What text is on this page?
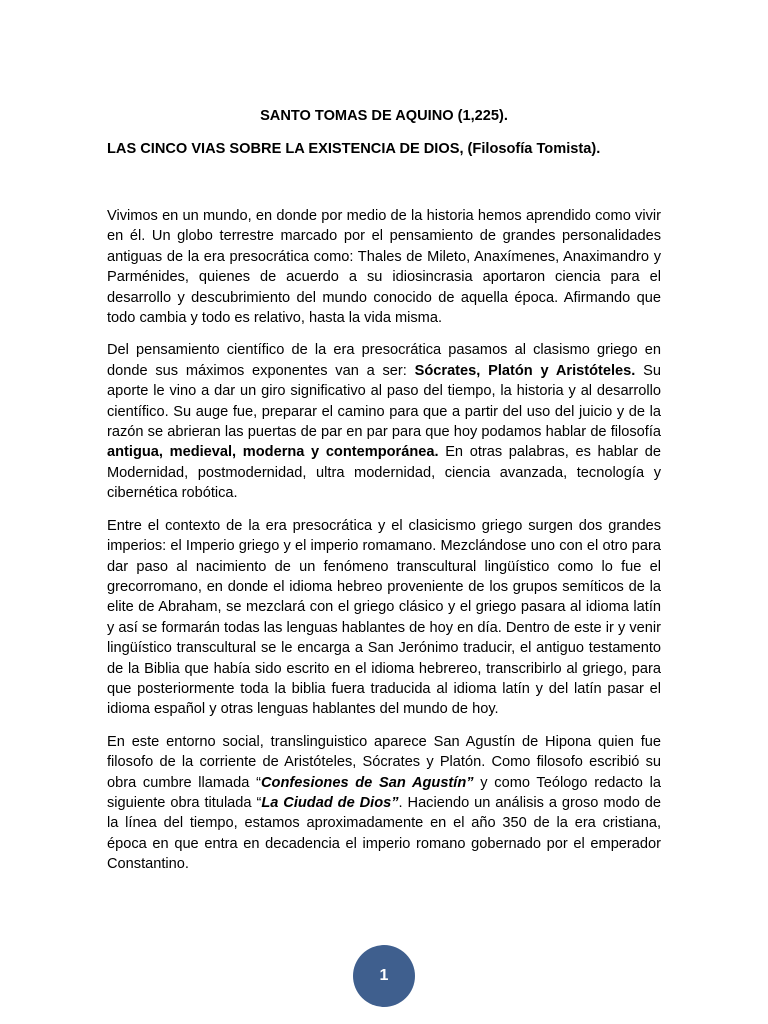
SANTO TOMAS DE AQUINO (1,225).
LAS CINCO VIAS SOBRE LA EXISTENCIA DE DIOS, (Filosofía Tomista).

Vivimos en un mundo, en donde por medio de la historia hemos aprendido como vivir en él. Un globo terrestre marcado por el pensamiento de grandes personalidades antiguas de la era presocrática como: Thales de Mileto, Anaxímenes, Anaximandro y Parménides, quienes de acuerdo a su idiosincrasia aportaron ciencia para el desarrollo y descubrimiento del mundo conocido de aquella época. Afirmando que todo cambia y todo es relativo, hasta la vida misma.

Del pensamiento científico de la era presocrática pasamos al clasismo griego en donde sus máximos exponentes van a ser: Sócrates, Platón y Aristóteles. Su aporte le vino a dar un giro significativo al paso del tiempo, la historia y al desarrollo científico. Su auge fue, preparar el camino para que a partir del uso del juicio y de la razón se abrieran las puertas de par en par para que hoy podamos hablar de filosofía antigua, medieval, moderna y contemporánea. En otras palabras, es hablar de Modernidad, postmodernidad, ultra modernidad, ciencia avanzada, tecnología y cibernética robótica.

Entre el contexto de la era presocrática y el clasicismo griego surgen dos grandes imperios: el Imperio griego y el imperio romamano. Mezclándose uno con el otro para dar paso al nacimiento de un fenómeno transcultural lingüístico como lo fue el grecorromano, en donde el idioma hebreo proveniente de los grupos semíticos de la elite de Abraham, se mezclará con el griego clásico y el griego pasara al idioma latín y así se formarán todas las lenguas hablantes de hoy en día. Dentro de este ir y venir lingüístico transcultural se le encarga a San Jerónimo traducir, el antiguo testamento de la Biblia que había sido escrito en el idioma hebrereo, transcribirlo al griego, para que posteriormente toda la biblia fuera traducida al idioma latín y del latín pasar el idioma español y otras lenguas hablantes del mundo de hoy.

En este entorno social, translinguistico aparece San Agustín de Hipona quien fue filosofo de la corriente de Aristóteles, Sócrates y Platón. Como filosofo escribió su obra cumbre llamada “Confesiones de San Agustín” y como Teólogo redacto la siguiente obra titulada “La Ciudad de Dios”. Haciendo un análisis a groso modo de la línea del tiempo, estamos aproximadamente en el año 350 de la era cristiana, época en que entra en decadencia el imperio romano gobernado por el emperador Constantino.

1
